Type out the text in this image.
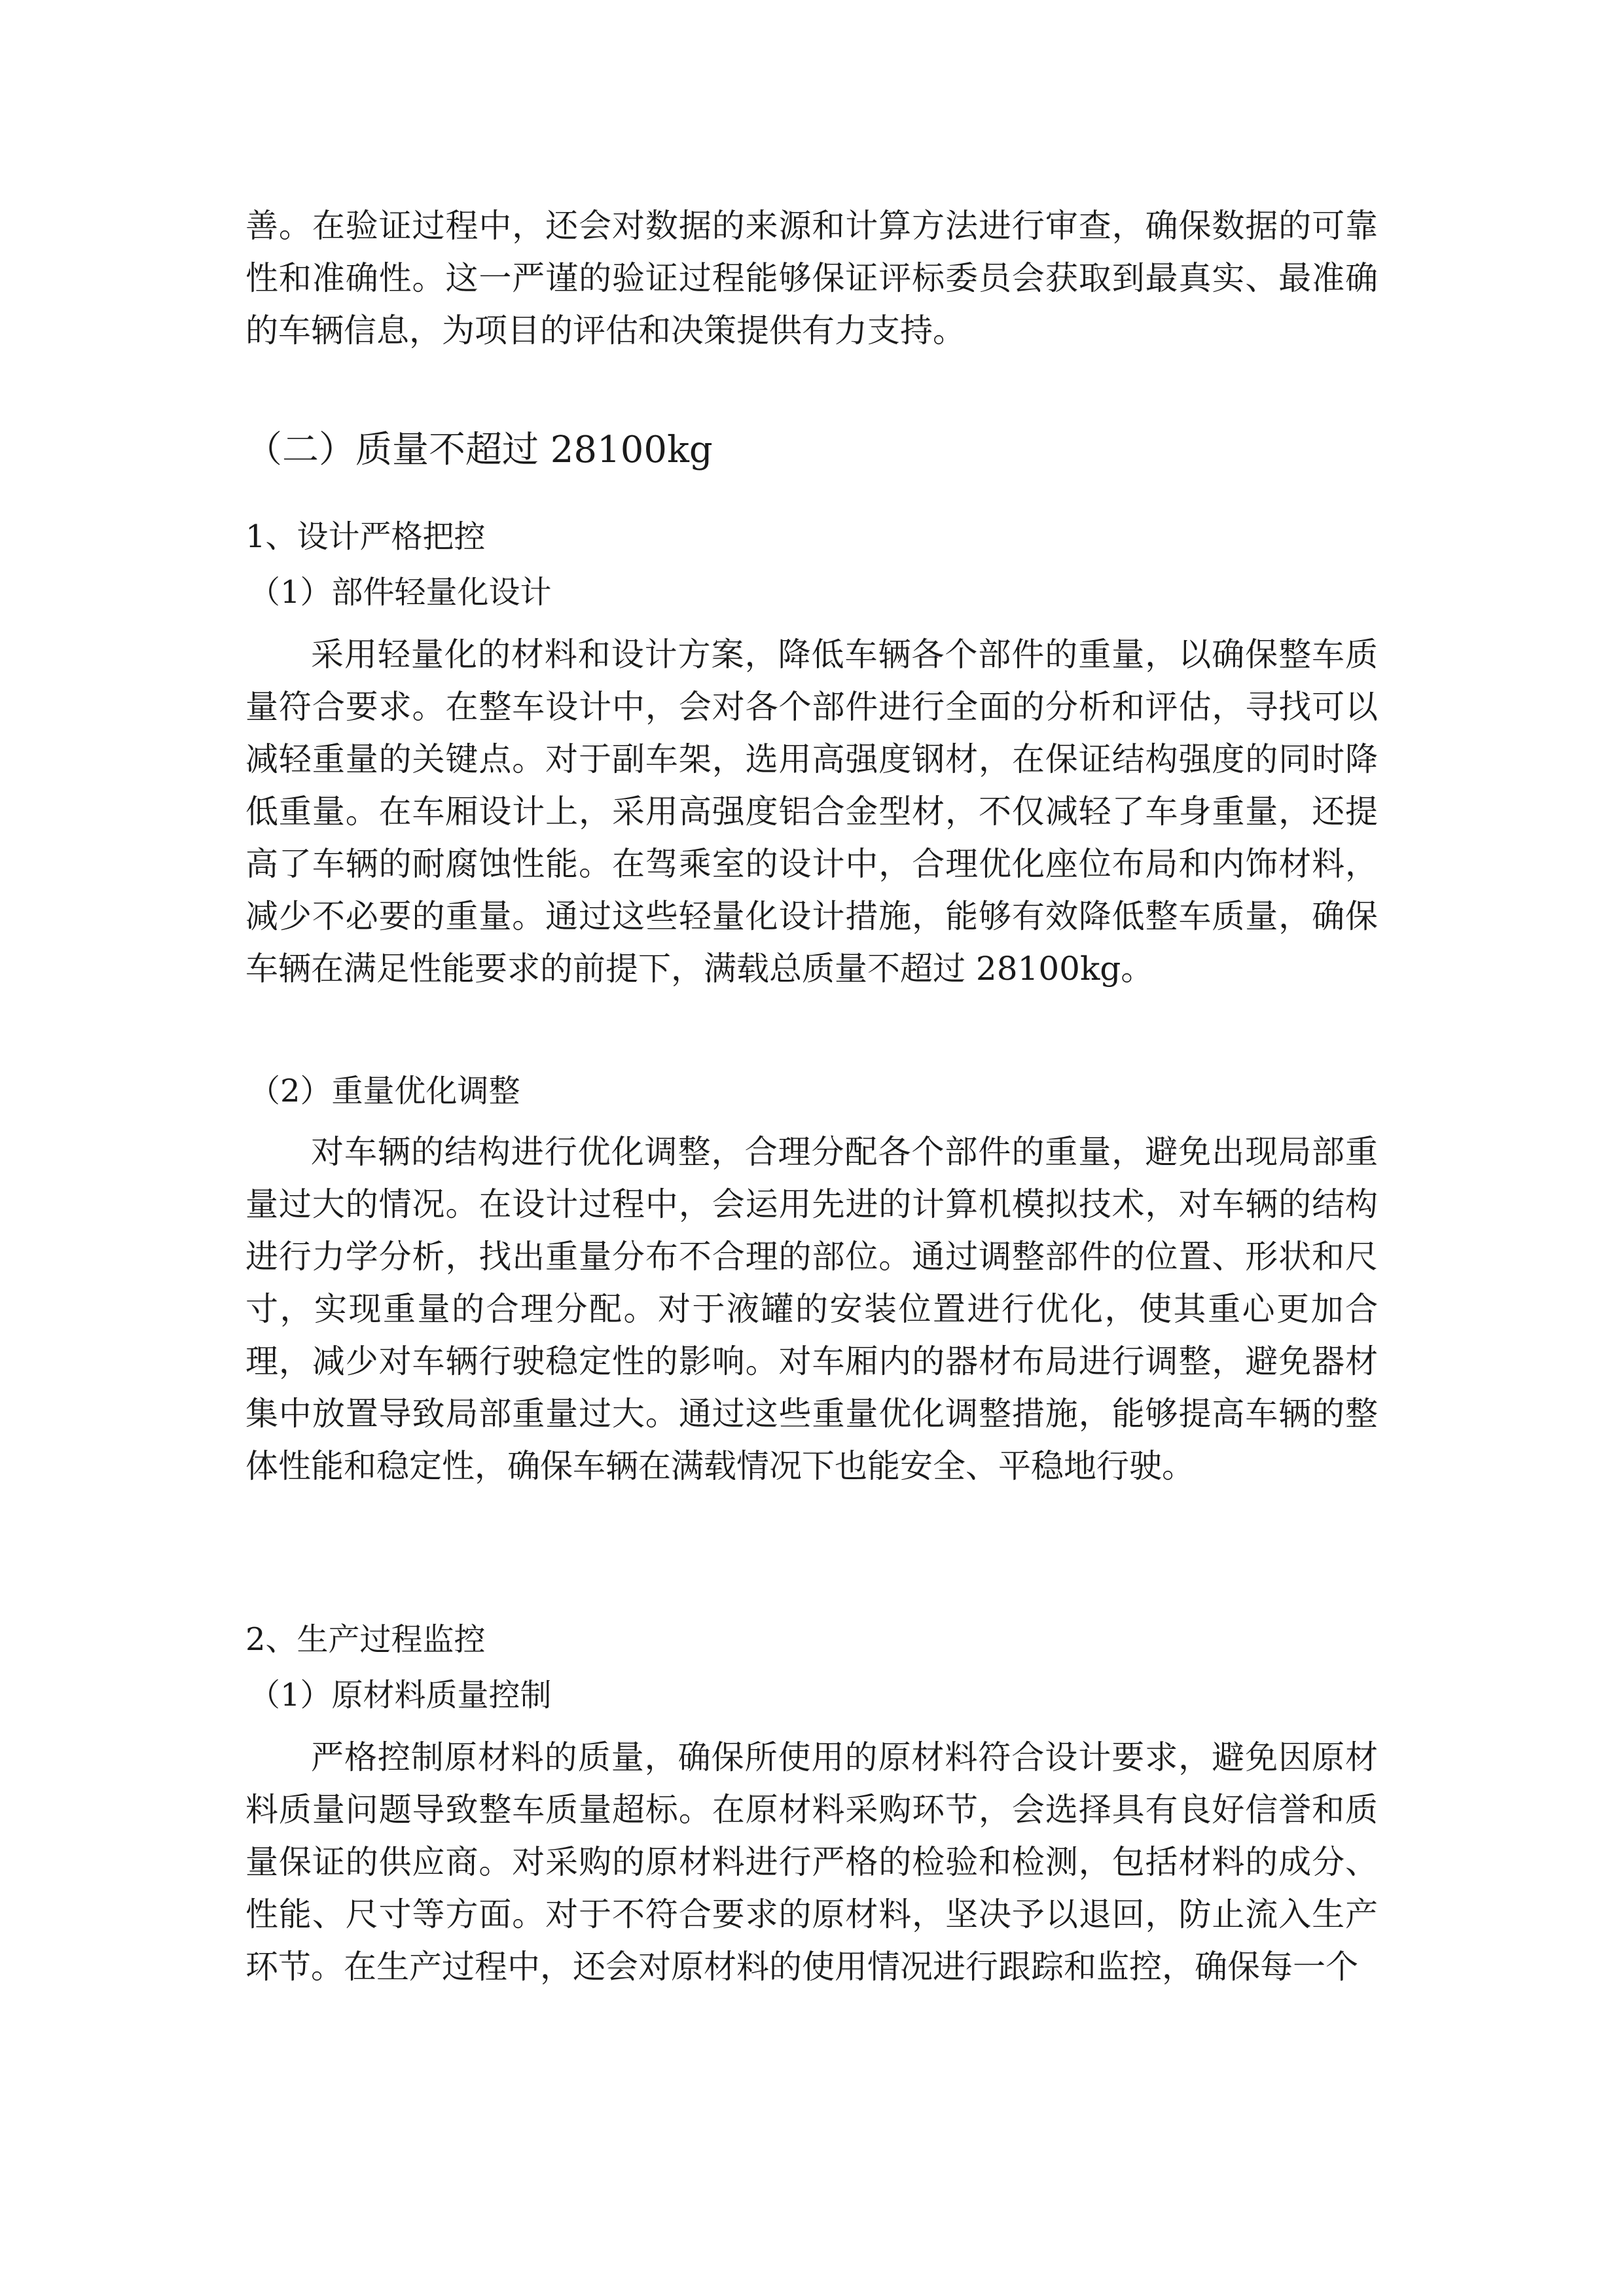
善。在验证过程中，还会对数据的来源和计算方法进行审查，确保数据的可靠性和准确性。这一严谨的验证过程能够保证评标委员会获取到最真实、最准确的车辆信息，为项目的评估和决策提供有力支持。

（二）质量不超过 28100kg
1、设计严格把控
（1）部件轻量化设计

采用轻量化的材料和设计方案，降低车辆各个部件的重量，以确保整车质量符合要求。在整车设计中，会对各个部件进行全面的分析和评估，寻找可以减轻重量的关键点。对于副车架，选用高强度钢材，在保证结构强度的同时降低重量。在车厢设计上，采用高强度铝合金型材，不仅减轻了车身重量，还提高了车辆的耐腐蚀性能。在驾乘室的设计中，合理优化座位布局和内饰材料，减少不必要的重量。通过这些轻量化设计措施，能够有效降低整车质量，确保车辆在满足性能要求的前提下，满载总质量不超过 28100kg。

（2）重量优化调整

对车辆的结构进行优化调整，合理分配各个部件的重量，避免出现局部重量过大的情况。在设计过程中，会运用先进的计算机模拟技术，对车辆的结构进行力学分析，找出重量分布不合理的部位。通过调整部件的位置、形状和尺寸，实现重量的合理分配。对于液罐的安装位置进行优化，使其重心更加合理，减少对车辆行驶稳定性的影响。对车厢内的器材布局进行调整，避免器材集中放置导致局部重量过大。通过这些重量优化调整措施，能够提高车辆的整体性能和稳定性，确保车辆在满载情况下也能安全、平稳地行驶。

2、生产过程监控
（1）原材料质量控制

严格控制原材料的质量，确保所使用的原材料符合设计要求，避免因原材料质量问题导致整车质量超标。在原材料采购环节，会选择具有良好信誉和质量保证的供应商。对采购的原材料进行严格的检验和检测，包括材料的成分、性能、尺寸等方面。对于不符合要求的原材料，坚决予以退回，防止流入生产环节。在生产过程中，还会对原材料的使用情况进行跟踪和监控，确保每一个
